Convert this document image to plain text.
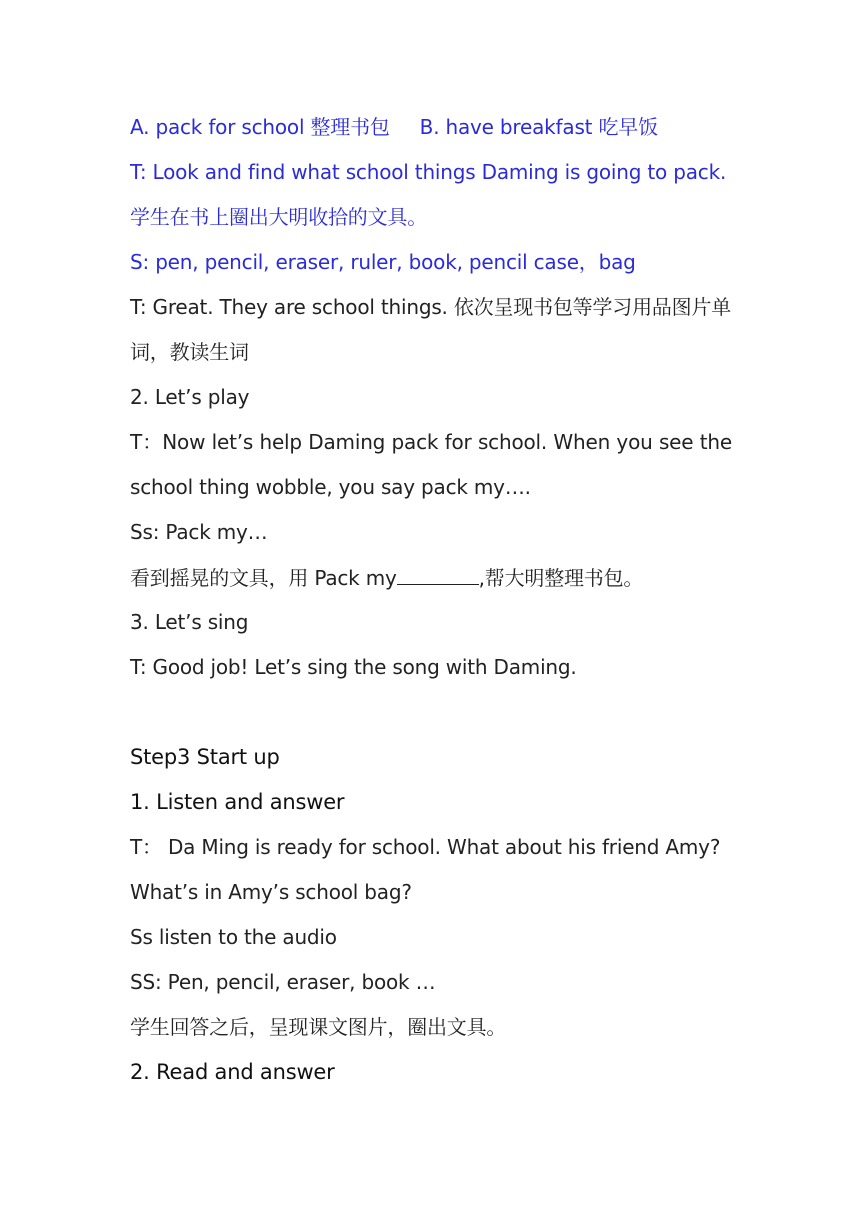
A. pack for school 整理书包 B. have breakfast 吃早饭
T: Look and find what school things Daming is going to pack.
学生在书上圈出大明收拾的文具。
S: pen, pencil, eraser, ruler, book, pencil case，bag
T: Great. They are school things. 依次呈现书包等学习用品图片单
词，教读生词
2. Let’s play
T：Now let’s help Daming pack for school. When you see the
school thing wobble, you say pack my….
Ss: Pack my…
看到摇晃的文具，用 Pack my	,帮大明整理书包。
3. Let’s sing
T: Good job! Let’s sing the song with Daming.
Step3 Start up
1. Listen and answer
T： Da Ming is ready for school. What about his friend Amy?
What’s in Amy’s school bag?
Ss listen to the audio
SS: Pen, pencil, eraser, book …
学生回答之后，呈现课文图片，圈出文具。
2. Read and answer
